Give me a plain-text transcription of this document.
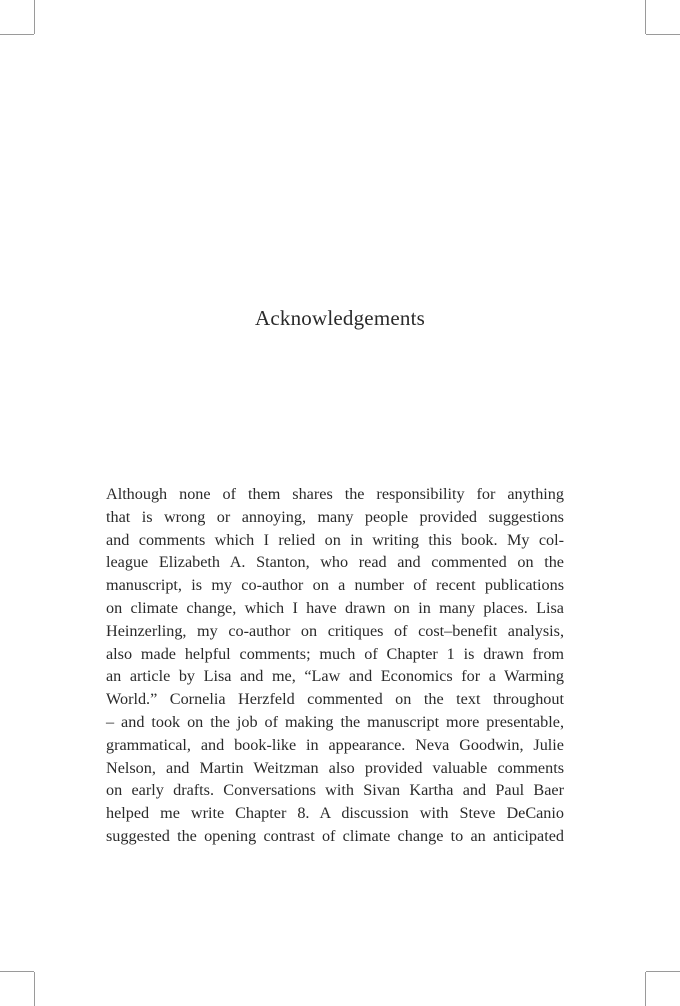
Acknowledgements
Although none of them shares the responsibility for anything
that is wrong or annoying, many people provided suggestions
and comments which I relied on in writing this book. My col-
league Elizabeth A. Stanton, who read and commented on the
manuscript, is my co-author on a number of recent publications
on climate change, which I have drawn on in many places. Lisa
Heinzerling, my co-author on critiques of cost–benefit analysis,
also made helpful comments; much of Chapter 1 is drawn from
an article by Lisa and me, “Law and Economics for a Warming
World.” Cornelia Herzfeld commented on the text throughout
– and took on the job of making the manuscript more presentable,
grammatical, and book-like in appearance. Neva Goodwin, Julie
Nelson, and Martin Weitzman also provided valuable comments
on early drafts. Conversations with Sivan Kartha and Paul Baer
helped me write Chapter 8. A discussion with Steve DeCanio
suggested the opening contrast of climate change to an anticipated
